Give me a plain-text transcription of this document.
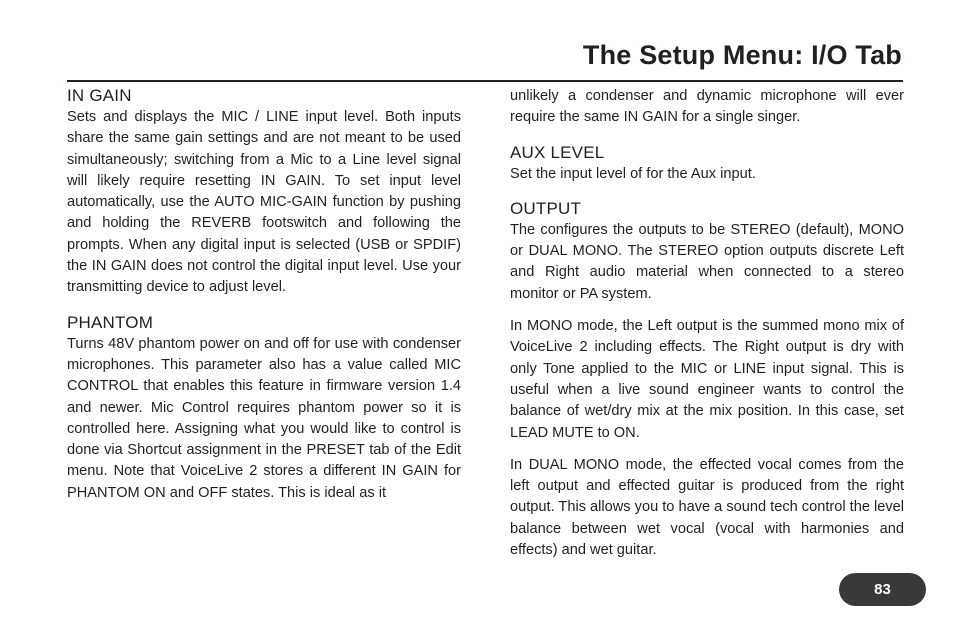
The Setup Menu: I/O Tab
IN GAIN

Sets and displays the MIC / LINE input level. Both inputs share the same gain settings and are not meant to be used simultaneously; switching from a Mic to a Line level signal will likely require resetting IN GAIN. To set input level automatically, use the AUTO MIC-GAIN function by pushing and holding the REVERB footswitch and following the prompts. When any digital input is selected (USB or SPDIF) the IN GAIN does not control the digital input level. Use your transmitting device to adjust level.

PHANTOM

Turns 48V phantom power on and off for use with condenser microphones. This parameter also has a value called MIC CONTROL that enables this feature in firmware version 1.4 and newer. Mic Control requires phantom power so it is controlled here. Assigning what you would like to control is done via Shortcut assignment in the PRESET tab of the Edit menu. Note that VoiceLive 2 stores a different IN GAIN for PHANTOM ON and OFF states. This is ideal as it

unlikely a condenser and dynamic microphone will ever require the same IN GAIN for a single singer.

AUX LEVEL

Set the input level of for the Aux input.

OUTPUT

The configures the outputs to be STEREO (default), MONO or DUAL MONO. The STEREO option outputs discrete Left and Right audio material when connected to a stereo monitor or PA system.

In MONO mode, the Left output is the summed mono mix of VoiceLive 2 including effects. The Right output is dry with only Tone applied to the MIC or LINE input signal. This is useful when a live sound engineer wants to control the balance of wet/dry mix at the mix position. In this case, set LEAD MUTE to ON.

In DUAL MONO mode, the effected vocal comes from the left output and effected guitar is produced from the right output. This allows you to have a sound tech control the level balance between wet vocal (vocal with harmonies and effects) and wet guitar.

83
